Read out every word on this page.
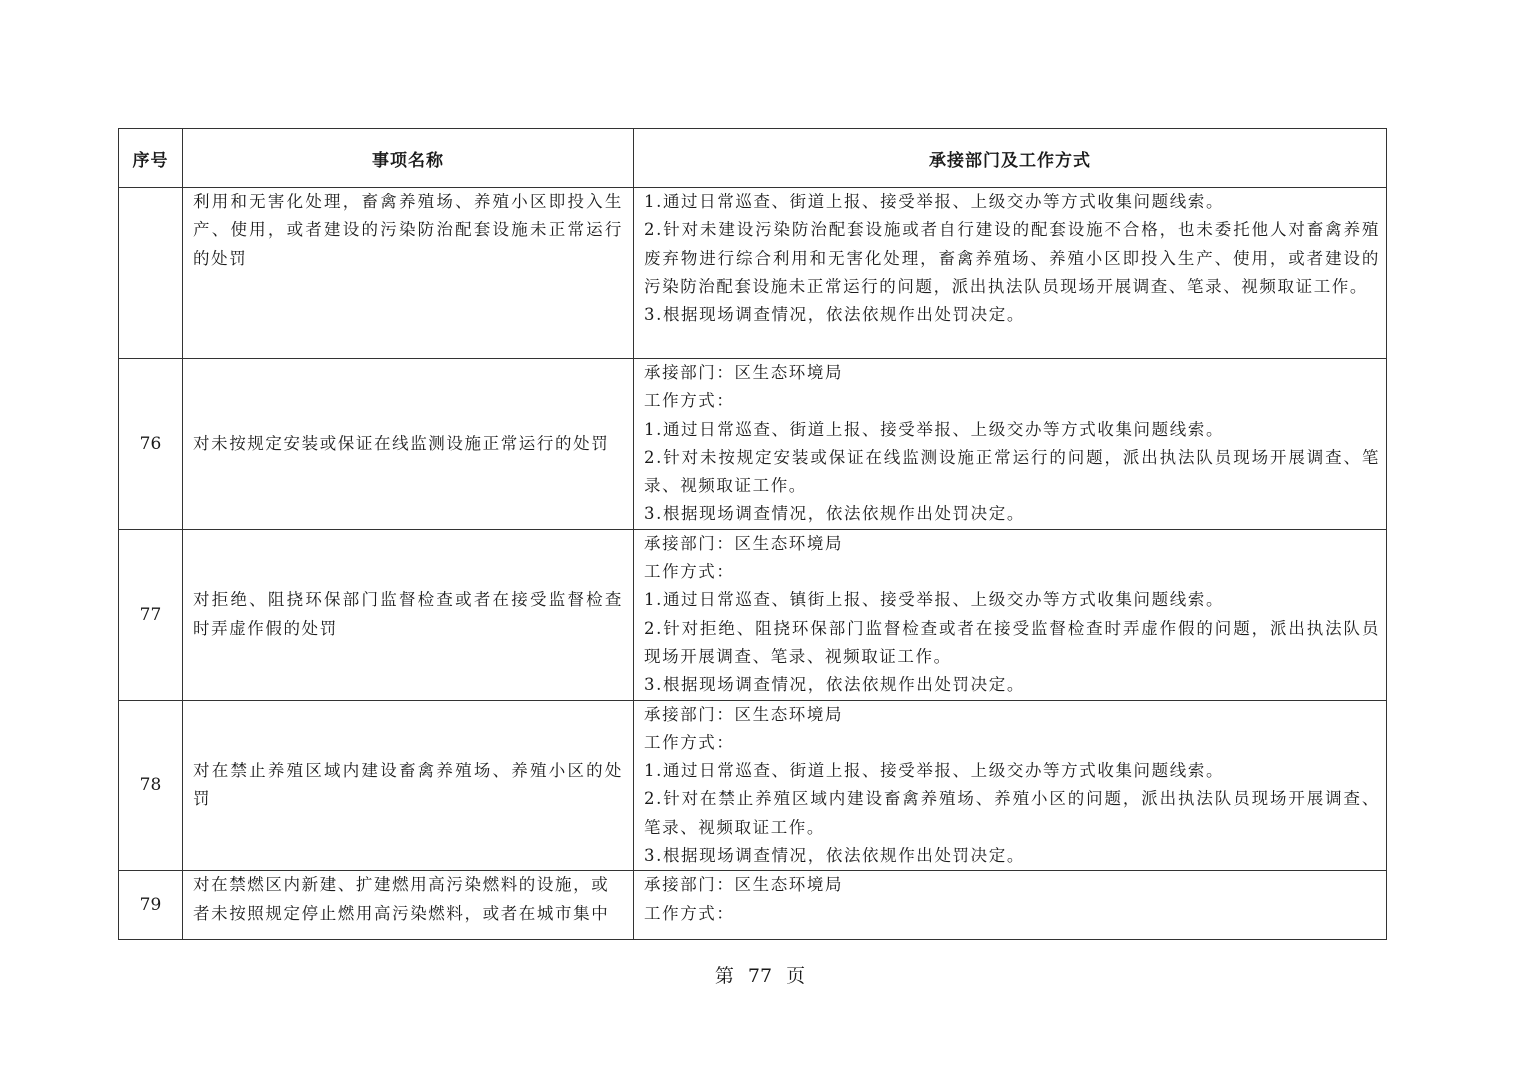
序号	事项名称	承接部门及工作方式

	利用和无害化处理，畜禽养殖场、养殖小区即投入生产、使用，或者建设的污染防治配套设施未正常运行的处罚	1.通过日常巡查、街道上报、接受举报、上级交办等方式收集问题线索。
2.针对未建设污染防治配套设施或者自行建设的配套设施不合格，也未委托他人对畜禽养殖废弃物进行综合利用和无害化处理，畜禽养殖场、养殖小区即投入生产、使用，或者建设的污染防治配套设施未正常运行的问题，派出执法队员现场开展调查、笔录、视频取证工作。
3.根据现场调查情况，依法依规作出处罚决定。

76	对未按规定安装或保证在线监测设施正常运行的处罚	承接部门：区生态环境局
工作方式：
1.通过日常巡查、街道上报、接受举报、上级交办等方式收集问题线索。
2.针对未按规定安装或保证在线监测设施正常运行的问题，派出执法队员现场开展调查、笔录、视频取证工作。
3.根据现场调查情况，依法依规作出处罚决定。

77	对拒绝、阻挠环保部门监督检查或者在接受监督检查时弄虚作假的处罚	承接部门：区生态环境局
工作方式：
1.通过日常巡查、镇街上报、接受举报、上级交办等方式收集问题线索。
2.针对拒绝、阻挠环保部门监督检查或者在接受监督检查时弄虚作假的问题，派出执法队员现场开展调查、笔录、视频取证工作。
3.根据现场调查情况，依法依规作出处罚决定。

78	对在禁止养殖区域内建设畜禽养殖场、养殖小区的处罚	承接部门：区生态环境局
工作方式：
1.通过日常巡查、街道上报、接受举报、上级交办等方式收集问题线索。
2.针对在禁止养殖区域内建设畜禽养殖场、养殖小区的问题，派出执法队员现场开展调查、笔录、视频取证工作。
3.根据现场调查情况，依法依规作出处罚决定。

79	对在禁燃区内新建、扩建燃用高污染燃料的设施，或
者未按照规定停止燃用高污染燃料，或者在城市集中	承接部门：区生态环境局
工作方式：
第 77 页
